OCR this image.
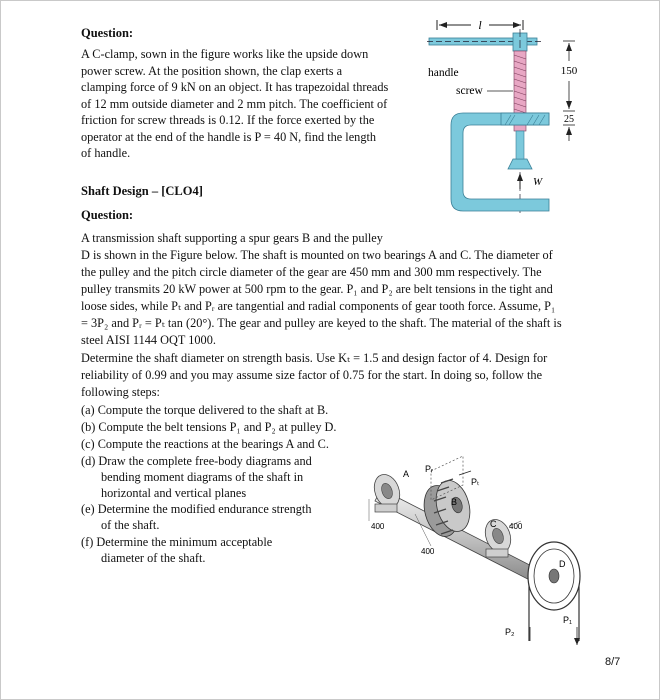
Question:
A C-clamp, sown in the figure works like the upside down
power screw. At the position shown, the clap exerts a
clamping force of 9 kN on an object. It has trapezoidal threads
of 12 mm outside diameter and 2 mm pitch. The coefficient of
friction for screw threads is 0.12. If the force exerted by the
operator at the end of the handle is P = 40 N, find the length
of handle.
l
W
150
25
handle
screw
Shaft Design – [CLO4]
Question:
A transmission shaft supporting a spur gears B and the pulley
D is shown in the Figure below. The shaft is mounted on two bearings A and C. The diameter of
the pulley and the pitch circle diameter of the gear are 450 mm and 300 mm respectively. The
pulley transmits 20 kW power at 500 rpm to the gear. P₁ and P₂ are belt tensions in the tight and
loose sides, while Pₜ and Pᵣ are tangential and radial components of gear tooth force. Assume, P₁
= 3P₂ and Pᵣ = Pₜ tan (20°). The gear and pulley are keyed to the shaft. The material of the shaft is
steel AISI 1144 OQT 1000.
Determine the shaft diameter on strength basis. Use Kₜ = 1.5 and design factor of 4. Design for
reliability of 0.99 and you may assume size factor of 0.75 for the start. In doing so, follow the
following steps:
(a) Compute the torque delivered to the shaft at B.
(b) Compute the belt tensions P₁ and P₂ at pulley D.
(c) Compute the reactions at the bearings A and C.
(d) Draw the complete free-body diagrams and
bending moment diagrams of the shaft in
horizontal and vertical planes
(e) Determine the modified endurance strength
of the shaft.
(f) Determine the minimum acceptable
diameter of the shaft.
A Pᵣ
Pₜ
B
C
D
400
400
400
P₁
P₂
8/7
